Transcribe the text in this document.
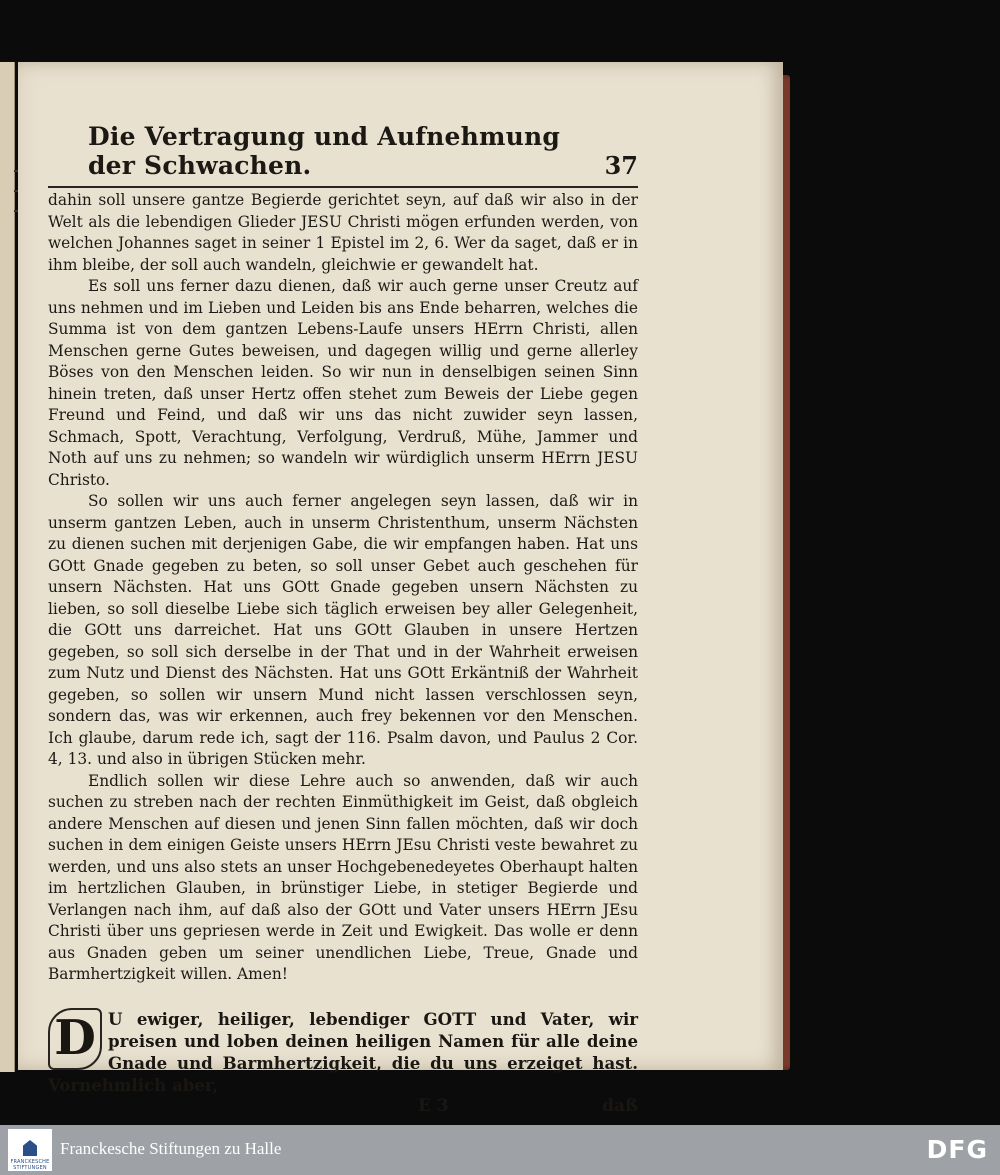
Die Vertragung und Aufnehmung der Schwachen.	37

dahin soll unsere gantze Begierde gerichtet seyn, auf daß wir also in der Welt als die lebendigen Glieder JESU Christi mögen erfunden werden, von welchen Johannes saget in seiner 1 Epistel im 2, 6. Wer da saget, daß er in ihm bleibe, der soll auch wandeln, gleichwie er gewandelt hat.

Es soll uns ferner dazu dienen, daß wir auch gerne unser Creutz auf uns nehmen und im Lieben und Leiden bis ans Ende beharren, welches die Summa ist von dem gantzen Lebens-Laufe unsers HErrn Christi, allen Menschen gerne Gutes beweisen, und dagegen willig und gerne allerley Böses von den Menschen leiden. So wir nun in denselbigen seinen Sinn hinein treten, daß unser Hertz offen stehet zum Beweis der Liebe gegen Freund und Feind, und daß wir uns das nicht zuwider seyn lassen, Schmach, Spott, Verachtung, Verfolgung, Verdruß, Mühe, Jammer und Noth auf uns zu nehmen; so wandeln wir würdiglich unserm HErrn JESU Christo.

So sollen wir uns auch ferner angelegen seyn lassen, daß wir in unserm gantzen Leben, auch in unserm Christenthum, unserm Nächsten zu dienen suchen mit derjenigen Gabe, die wir empfangen haben. Hat uns GOtt Gnade gegeben zu beten, so soll unser Gebet auch geschehen für unsern Nächsten. Hat uns GOtt Gnade gegeben unsern Nächsten zu lieben, so soll dieselbe Liebe sich täglich erweisen bey aller Gelegenheit, die GOtt uns darreichet. Hat uns GOtt Glauben in unsere Hertzen gegeben, so soll sich derselbe in der That und in der Wahrheit erweisen zum Nutz und Dienst des Nächsten. Hat uns GOtt Erkäntniß der Wahrheit gegeben, so sollen wir unsern Mund nicht lassen verschlossen seyn, sondern das, was wir erkennen, auch frey bekennen vor den Menschen. Ich glaube, darum rede ich, sagt der 116. Psalm davon, und Paulus 2 Cor. 4, 13. und also in übrigen Stücken mehr.

Endlich sollen wir diese Lehre auch so anwenden, daß wir auch suchen zu streben nach der rechten Einmüthigkeit im Geist, daß obgleich andere Menschen auf diesen und jenen Sinn fallen möchten, daß wir doch suchen in dem einigen Geiste unsers HErrn JEsu Christi veste bewahret zu werden, und uns also stets an unser Hochgebenedeyetes Oberhaupt halten im hertzlichen Glauben, in brünstiger Liebe, in stetiger Begierde und Verlangen nach ihm, auf daß also der GOtt und Vater unsers HErrn JEsu Christi über uns gepriesen werde in Zeit und Ewigkeit. Das wolle er denn aus Gnaden geben um seiner unendlichen Liebe, Treue, Gnade und Barmhertzigkeit willen. Amen!

D U ewiger, heiliger, lebendiger GOTT und Vater, wir preisen und loben deinen heiligen Namen für alle deine Gnade und Barmhertzigkeit, die du uns erzeiget hast. Vornehmlich aber,
E 3	daß
FRANCKESCHE STIFTUNGEN
Franckesche Stiftungen zu Halle	DFG
